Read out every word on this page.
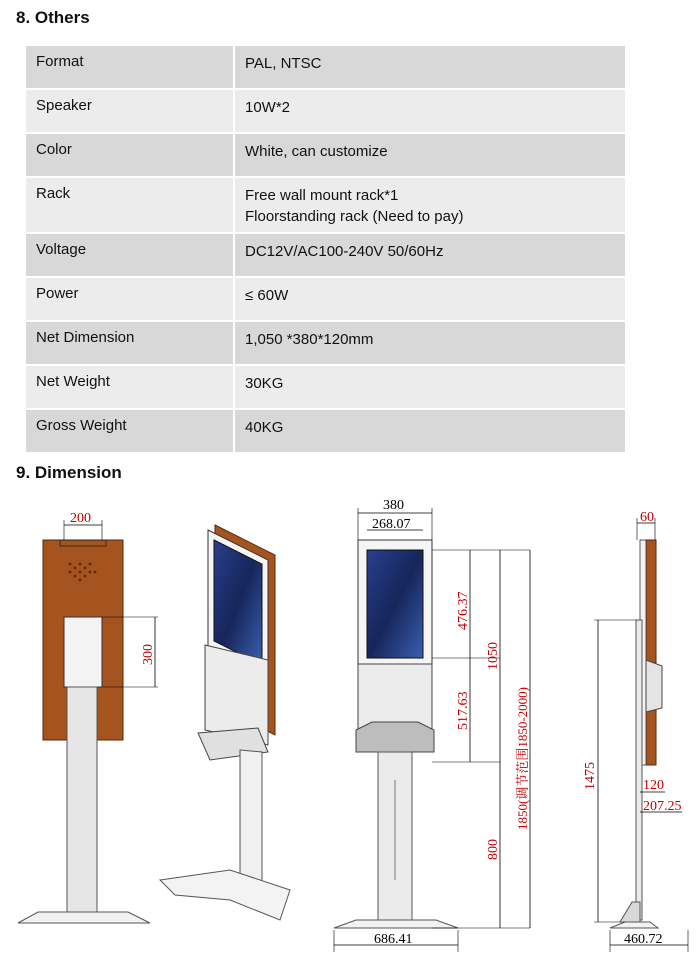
8. Others
Format	PAL, NTSC

Speaker	10W*2

Color	White, can customize

Rack	Free wall mount rack*1
Floorstanding rack (Need to pay)

Voltage	DC12V/AC100-240V 50/60Hz

Power	≤ 60W

Net Dimension	1,050 *380*120mm

Net Weight	30KG

Gross Weight	40KG
9. Dimension
200
300
380
268.07
476.37
517.63
1050
800
1850(调节范围1850-2000)
686.41
60
1475	120
207.25
460.72
